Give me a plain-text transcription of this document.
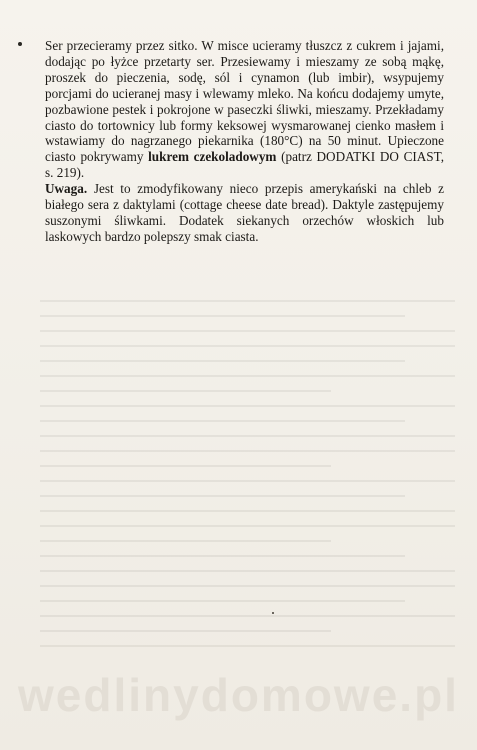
Ser przecieramy przez sitko. W misce ucieramy tłuszcz z cukrem i jajami, dodając po łyżce przetarty ser. Przesiewamy i mieszamy ze sobą mąkę, proszek do pieczenia, sodę, sól i cynamon (lub imbir), wsypujemy porcjami do ucieranej masy i wlewamy mleko. Na końcu dodajemy umyte, pozbawione pestek i pokrojone w paseczki śliwki, mieszamy. Przekładamy ciasto do tortownicy lub formy keksowej wysmarowanej cienko masłem i wstawiamy do nagrzanego piekarnika (180°C) na 50 minut. Upieczone ciasto pokrywamy lukrem czekoladowym (patrz DODATKI DO CIAST, s. 219).

Uwaga. Jest to zmodyfikowany nieco przepis amerykański na chleb z białego sera z daktylami (cottage cheese date bread). Daktyle zastępujemy suszonymi śliwkami. Dodatek siekanych orzechów włoskich lub laskowych bardzo polepszy smak ciasta.

wedlinydomowe.pl
